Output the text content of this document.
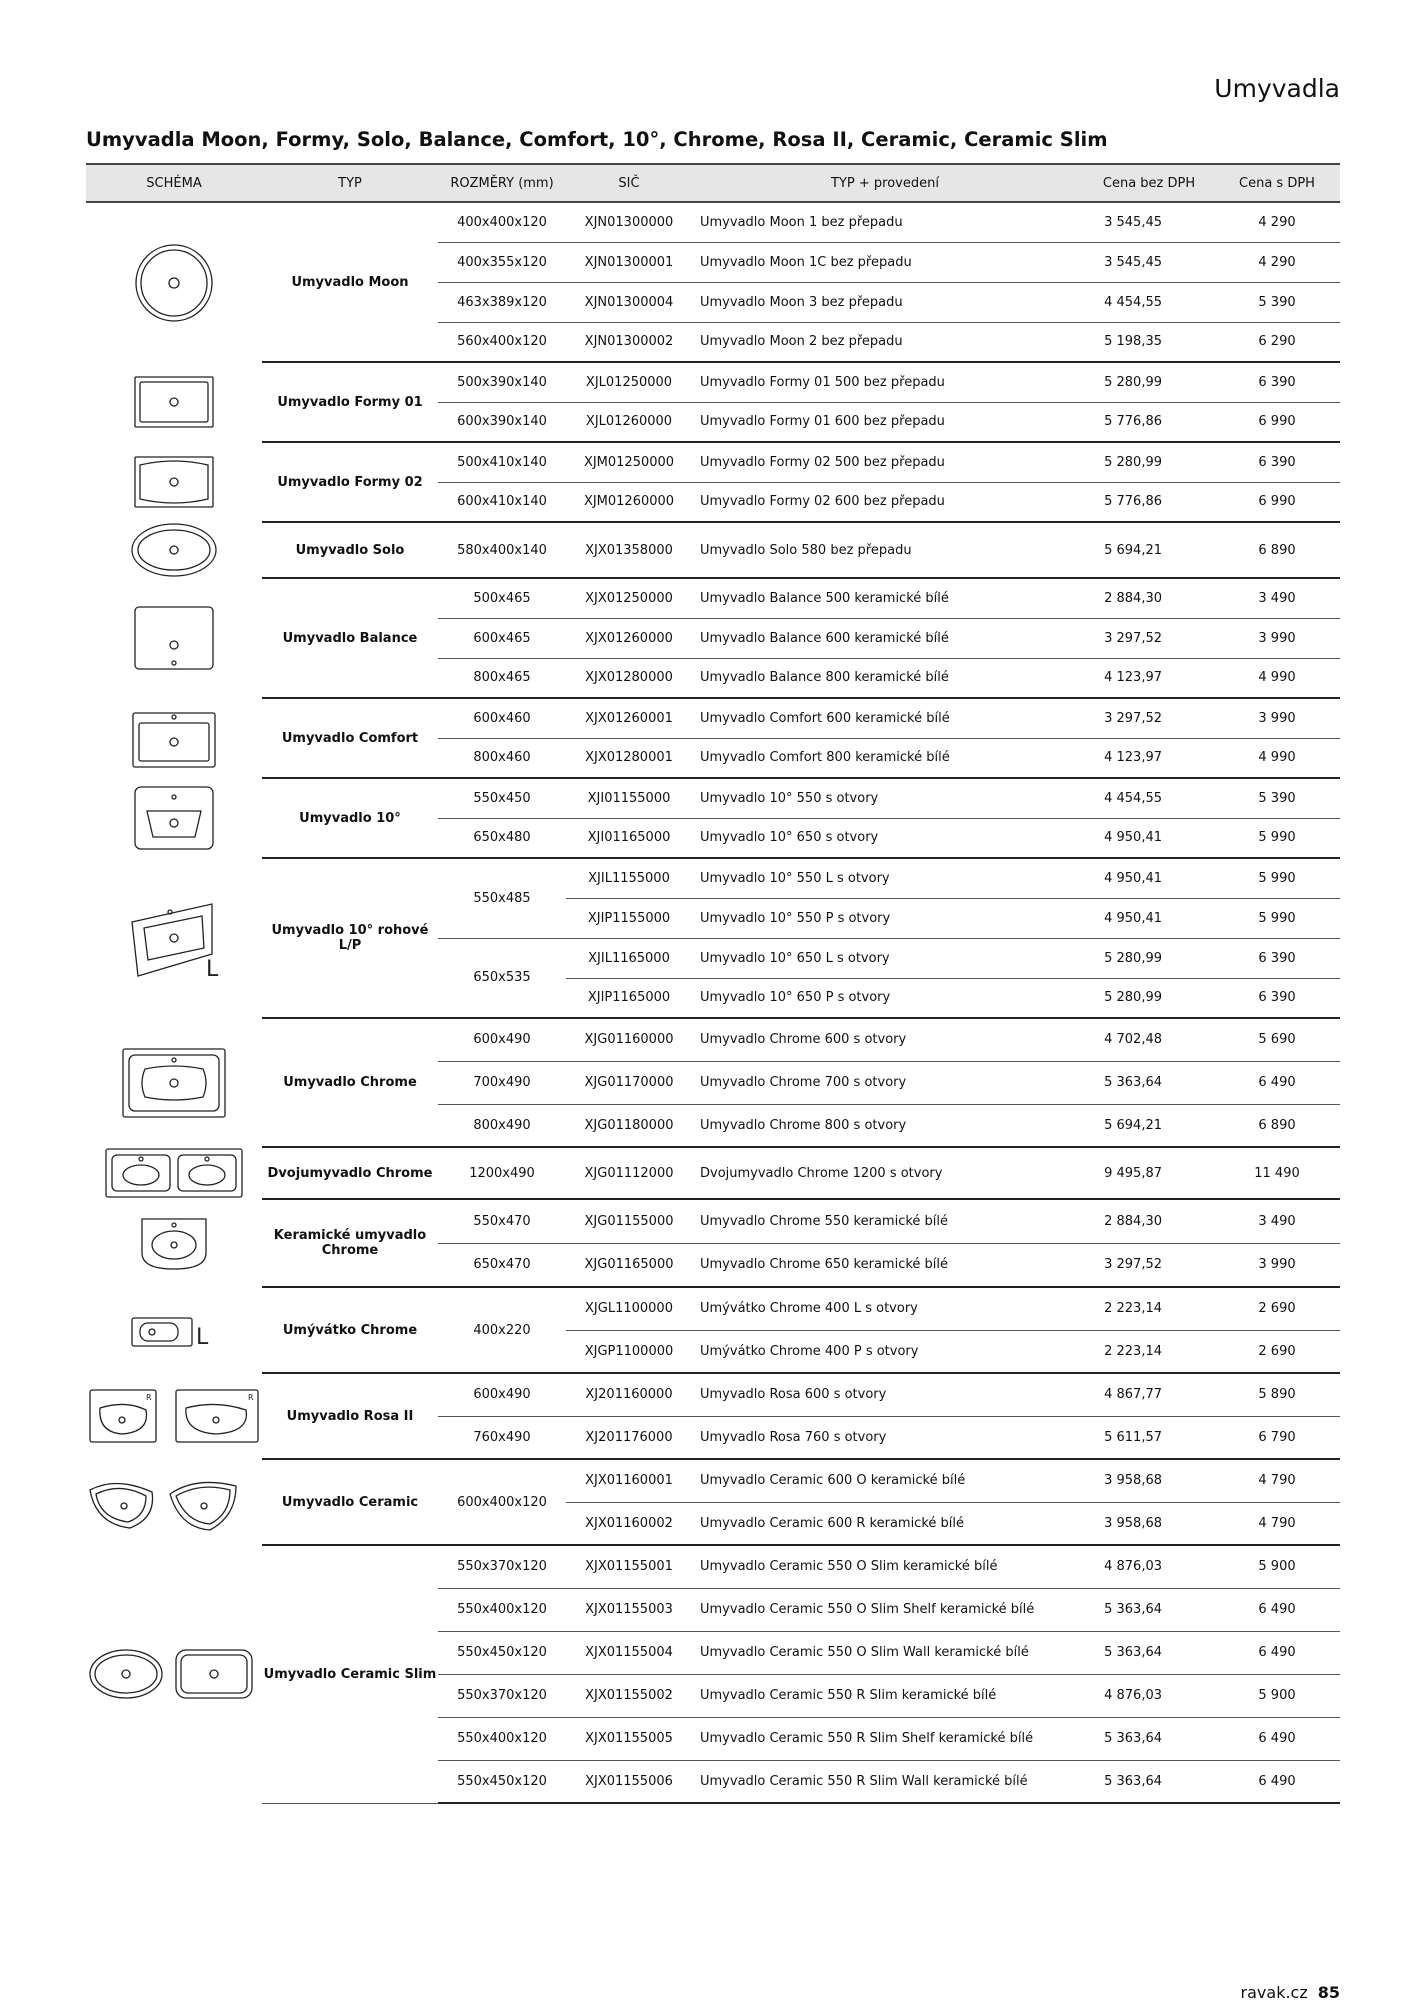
Umyvadla
Umyvadla Moon, Formy, Solo, Balance, Comfort, 10°, Chrome, Rosa II, Ceramic, Ceramic Slim
SCHÉMA	TYP	ROZMĚRY (mm)	SIČ	TYP + provedení	Cena bez DPH	Cena s DPH

	Umyvadlo Moon	400x400x120	XJN01300000	Umyvadlo Moon 1 bez přepadu	3 545,45	4 290
		400x355x120	XJN01300001	Umyvadlo Moon 1C bez přepadu	3 545,45	4 290
		463x389x120	XJN01300004	Umyvadlo Moon 3 bez přepadu	4 454,55	5 390
		560x400x120	XJN01300002	Umyvadlo Moon 2 bez přepadu	5 198,35	6 290

	Umyvadlo Formy 01	500x390x140	XJL01250000	Umyvadlo Formy 01 500 bez přepadu	5 280,99	6 390
		600x390x140	XJL01260000	Umyvadlo Formy 01 600 bez přepadu	5 776,86	6 990

	Umyvadlo Formy 02	500x410x140	XJM01250000	Umyvadlo Formy 02 500 bez přepadu	5 280,99	6 390
		600x410x140	XJM01260000	Umyvadlo Formy 02 600 bez přepadu	5 776,86	6 990

	Umyvadlo Solo	580x400x140	XJX01358000	Umyvadlo Solo 580 bez přepadu	5 694,21	6 890

	Umyvadlo Balance	500x465	XJX01250000	Umyvadlo Balance 500 keramické bílé	2 884,30	3 490
		600x465	XJX01260000	Umyvadlo Balance 600 keramické bílé	3 297,52	3 990
		800x465	XJX01280000	Umyvadlo Balance 800 keramické bílé	4 123,97	4 990

	Umyvadlo Comfort	600x460	XJX01260001	Umyvadlo Comfort 600 keramické bílé	3 297,52	3 990
		800x460	XJX01280001	Umyvadlo Comfort 800 keramické bílé	4 123,97	4 990

	Umyvadlo 10°	550x450	XJI01155000	Umyvadlo 10° 550 s otvory	4 454,55	5 390
		650x480	XJI01165000	Umyvadlo 10° 650 s otvory	4 950,41	5 990

L	Umyvadlo 10° rohové L/P	550x485	XJIL1155000	Umyvadlo 10° 550 L s otvory	4 950,41	5 990
			XJIP1155000	Umyvadlo 10° 550 P s otvory	4 950,41	5 990
		650x535	XJIL1165000	Umyvadlo 10° 650 L s otvory	5 280,99	6 390
			XJIP1165000	Umyvadlo 10° 650 P s otvory	5 280,99	6 390

	Umyvadlo Chrome	600x490	XJG01160000	Umyvadlo Chrome 600 s otvory	4 702,48	5 690
		700x490	XJG01170000	Umyvadlo Chrome 700 s otvory	5 363,64	6 490
		800x490	XJG01180000	Umyvadlo Chrome 800 s otvory	5 694,21	6 890

	Dvojumyvadlo Chrome	1200x490	XJG01112000	Dvojumyvadlo Chrome 1200 s otvory	9 495,87	11 490

	Keramické umyvadlo Chrome	550x470	XJG01155000	Umyvadlo Chrome 550 keramické bílé	2 884,30	3 490
		650x470	XJG01165000	Umyvadlo Chrome 650 keramické bílé	3 297,52	3 990

L	Umývátko Chrome	400x220	XJGL1100000	Umývátko Chrome 400 L s otvory	2 223,14	2 690
			XJGP1100000	Umývátko Chrome 400 P s otvory	2 223,14	2 690

R R	Umyvadlo Rosa II	600x490	XJ201160000	Umyvadlo Rosa 600 s otvory	4 867,77	5 890
		760x490	XJ201176000	Umyvadlo Rosa 760 s otvory	5 611,57	6 790

	Umyvadlo Ceramic	600x400x120	XJX01160001	Umyvadlo Ceramic 600 O keramické bílé	3 958,68	4 790
			XJX01160002	Umyvadlo Ceramic 600 R keramické bílé	3 958,68	4 790

	Umyvadlo Ceramic Slim	550x370x120	XJX01155001	Umyvadlo Ceramic 550 O Slim keramické bílé	4 876,03	5 900
		550x400x120	XJX01155003	Umyvadlo Ceramic 550 O Slim Shelf keramické bílé	5 363,64	6 490
		550x450x120	XJX01155004	Umyvadlo Ceramic 550 O Slim Wall keramické bílé	5 363,64	6 490
		550x370x120	XJX01155002	Umyvadlo Ceramic 550 R Slim keramické bílé	4 876,03	5 900
		550x400x120	XJX01155005	Umyvadlo Ceramic 550 R Slim Shelf keramické bílé	5 363,64	6 490
		550x450x120	XJX01155006	Umyvadlo Ceramic 550 R Slim Wall keramické bílé	5 363,64	6 490
ravak.cz 85
